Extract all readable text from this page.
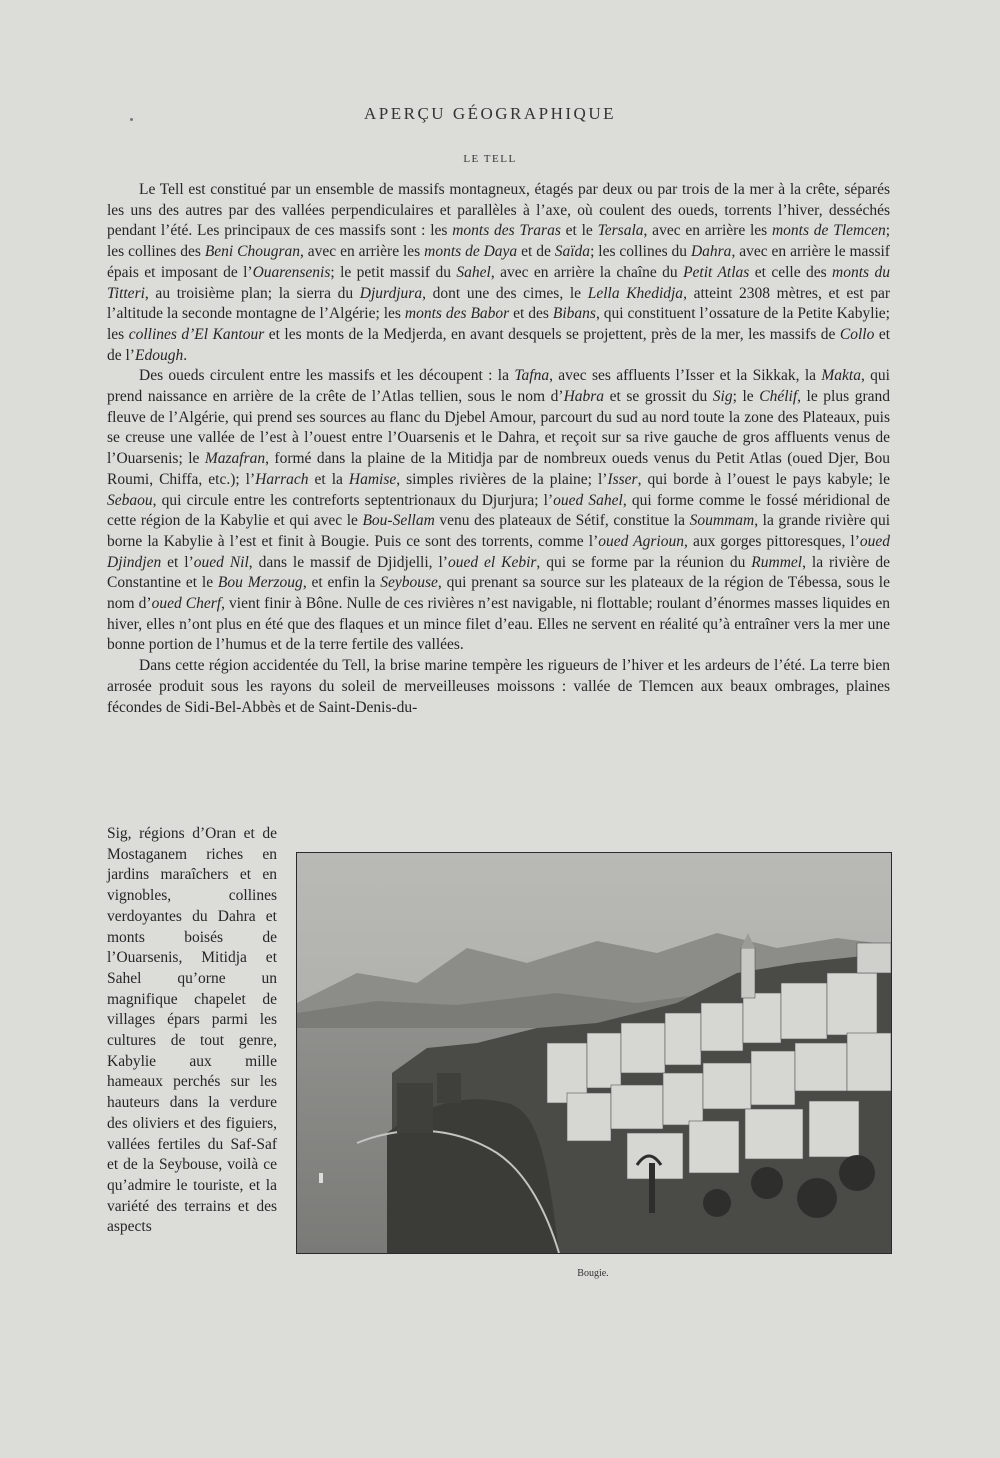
APERÇU GÉOGRAPHIQUE
LE TELL

Le Tell est constitué par un ensemble de massifs montagneux, étagés par deux ou par trois de la mer à la crête, séparés les uns des autres par des vallées perpendiculaires et parallèles à l’axe, où coulent des oueds, torrents l’hiver, desséchés pendant l’été. Les principaux de ces massifs sont : les monts des Traras et le Tersala, avec en arrière les monts de Tlemcen; les collines des Beni Chougran, avec en arrière les monts de Daya et de Saïda; les collines du Dahra, avec en arrière le massif épais et imposant de l’Ouarensenis; le petit massif du Sahel, avec en arrière la chaîne du Petit Atlas et celle des monts du Titteri, au troisième plan; la sierra du Djurdjura, dont une des cimes, le Lella Khedidja, atteint 2308 mètres, et est par l’altitude la seconde montagne de l’Algérie; les monts des Babor et des Bibans, qui constituent l’ossature de la Petite Kabylie; les collines d’El Kantour et les monts de la Medjerda, en avant desquels se projettent, près de la mer, les massifs de Collo et de l’Edough.

Des oueds circulent entre les massifs et les découpent : la Tafna, avec ses affluents l’Isser et la Sikkak, la Makta, qui prend naissance en arrière de la crête de l’Atlas tellien, sous le nom d’Habra et se grossit du Sig; le Chélif, le plus grand fleuve de l’Algérie, qui prend ses sources au flanc du Djebel Amour, parcourt du sud au nord toute la zone des Plateaux, puis se creuse une vallée de l’est à l’ouest entre l’Ouarsenis et le Dahra, et reçoit sur sa rive gauche de gros affluents venus de l’Ouarsenis; le Mazafran, formé dans la plaine de la Mitidja par de nombreux oueds venus du Petit Atlas (oued Djer, Bou Roumi, Chiffa, etc.); l’Harrach et la Hamise, simples rivières de la plaine; l’Isser, qui borde à l’ouest le pays kabyle; le Sebaou, qui circule entre les contreforts septentrionaux du Djurjura; l’oued Sahel, qui forme comme le fossé méridional de cette région de la Kabylie et qui avec le Bou-Sellam venu des plateaux de Sétif, constitue la Soummam, la grande rivière qui borne la Kabylie à l’est et finit à Bougie. Puis ce sont des torrents, comme l’oued Agrioun, aux gorges pittoresques, l’oued Djindjen et l’oued Nil, dans le massif de Djidjelli, l’oued el Kebir, qui se forme par la réunion du Rummel, la rivière de Constantine et le Bou Merzoug, et enfin la Seybouse, qui prenant sa source sur les plateaux de la région de Tébessa, sous le nom d’oued Cherf, vient finir à Bône. Nulle de ces rivières n’est navigable, ni flottable; roulant d’énormes masses liquides en hiver, elles n’ont plus en été que des flaques et un mince filet d’eau. Elles ne servent en réalité qu’à entraîner vers la mer une bonne portion de l’humus et de la terre fertile des vallées.

Dans cette région accidentée du Tell, la brise marine tempère les rigueurs de l’hiver et les ardeurs de l’été. La terre bien arrosée produit sous les rayons du soleil de merveilleuses moissons : vallée de Tlemcen aux beaux ombrages, plaines fécondes de Sidi-Bel-Abbès et de Saint-Denis-du-

Sig, régions d’Oran et de Mostaganem riches en jardins maraîchers et en vignobles, collines verdoyantes du Dahra et monts boisés de l’Ouarsenis, Mitidja et Sahel qu’orne un magnifique chapelet de villages épars parmi les cultures de tout genre, Kabylie aux mille hameaux perchés sur les hauteurs dans la verdure des oliviers et des figuiers, vallées fertiles du Saf-Saf et de la Seybouse, voilà ce qu’admire le touriste, et la variété des terrains et des aspects
Bougie.
